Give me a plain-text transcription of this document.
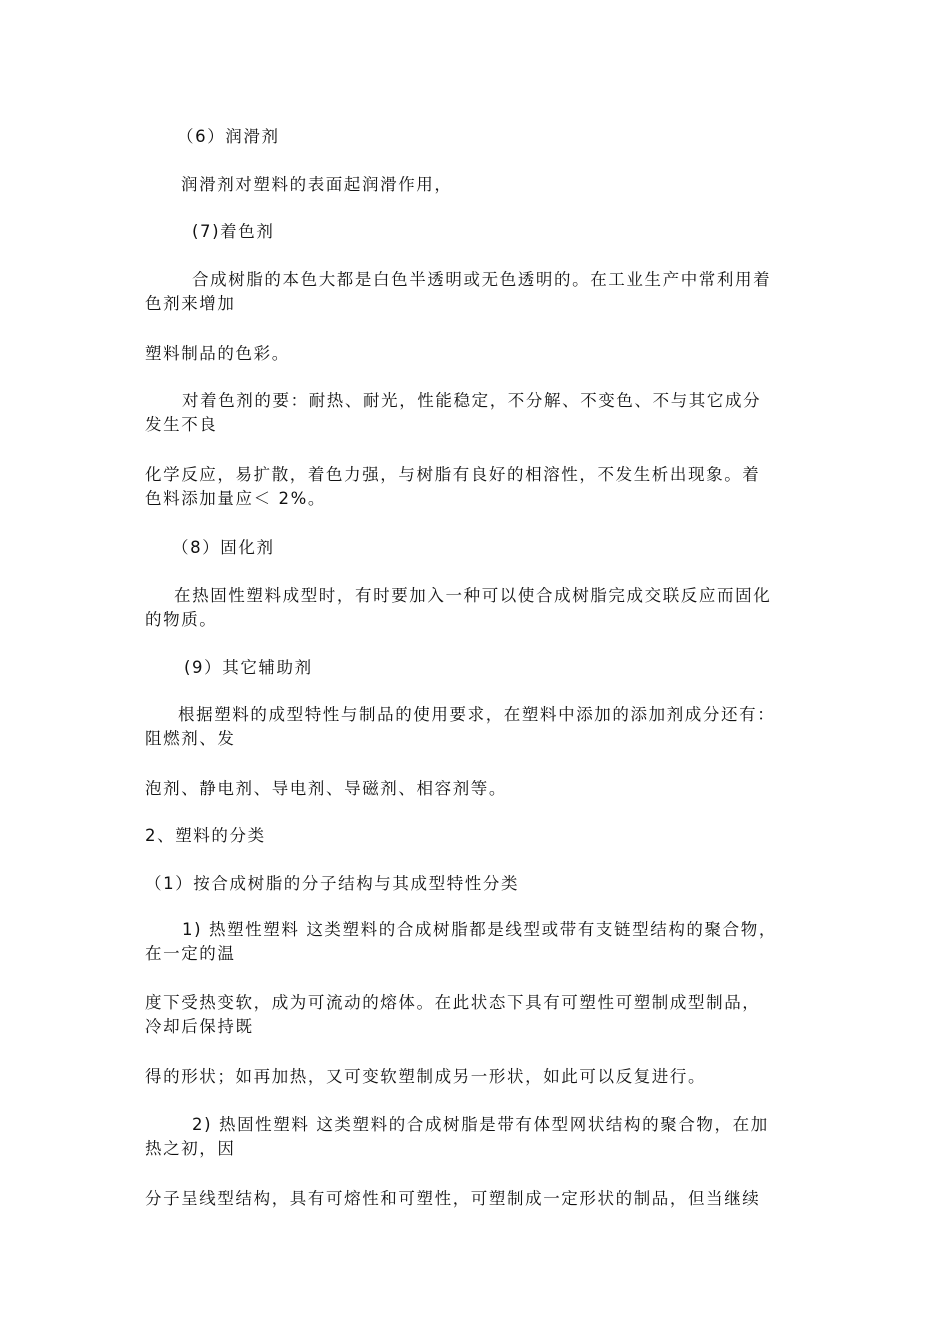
（6）润滑剂
润滑剂对塑料的表面起润滑作用，
(7)着色剂
合成树脂的本色大都是白色半透明或无色透明的。在工业生产中常利用着
色剂来增加
塑料制品的色彩。
对着色剂的要：耐热、耐光，性能稳定，不分解、不变色、不与其它成分
发生不良
化学反应，易扩散，着色力强，与树脂有良好的相溶性，不发生析出现象。着
色料添加量应＜ 2%。
（8）固化剂
在热固性塑料成型时，有时要加入一种可以使合成树脂完成交联反应而固化
的物质。
(9）其它辅助剂
根据塑料的成型特性与制品的使用要求，在塑料中添加的添加剂成分还有：
阻燃剂、发
泡剂、静电剂、导电剂、导磁剂、相容剂等。
2、塑料的分类
（1）按合成树脂的分子结构与其成型特性分类
1) 热塑性塑料 这类塑料的合成树脂都是线型或带有支链型结构的聚合物，
在一定的温
度下受热变软，成为可流动的熔体。在此状态下具有可塑性可塑制成型制品，
冷却后保持既
得的形状；如再加热，又可变软塑制成另一形状，如此可以反复进行。
2) 热固性塑料 这类塑料的合成树脂是带有体型网状结构的聚合物，在加
热之初，因
分子呈线型结构，具有可熔性和可塑性，可塑制成一定形状的制品，但当继续
